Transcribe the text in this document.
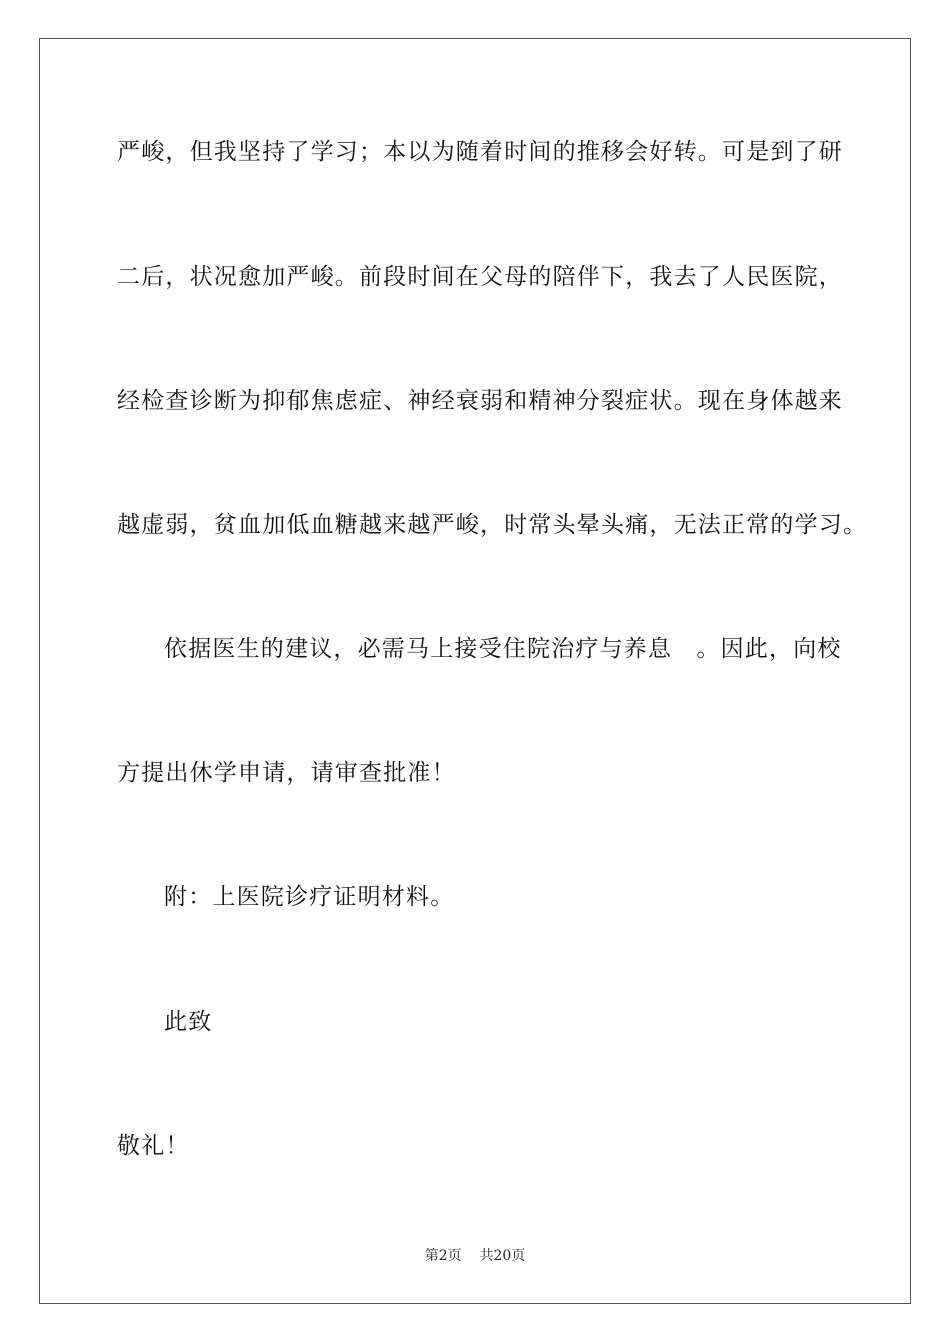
严峻，但我坚持了学习；本以为随着时间的推移会好转。可是到了研
二后，状况愈加严峻。前段时间在父母的陪伴下，我去了人民医院，
经检查诊断为抑郁焦虑症、神经衰弱和精神分裂症状。现在身体越来
越虚弱，贫血加低血糖越来越严峻，时常头晕头痛，无法正常的学习。
依据医生的建议，必需马上接受住院治疗与养息　。因此，向校
方提出休学申请，请审查批准！
附：上医院诊疗证明材料。
此致
敬礼！
第2页 共20页
